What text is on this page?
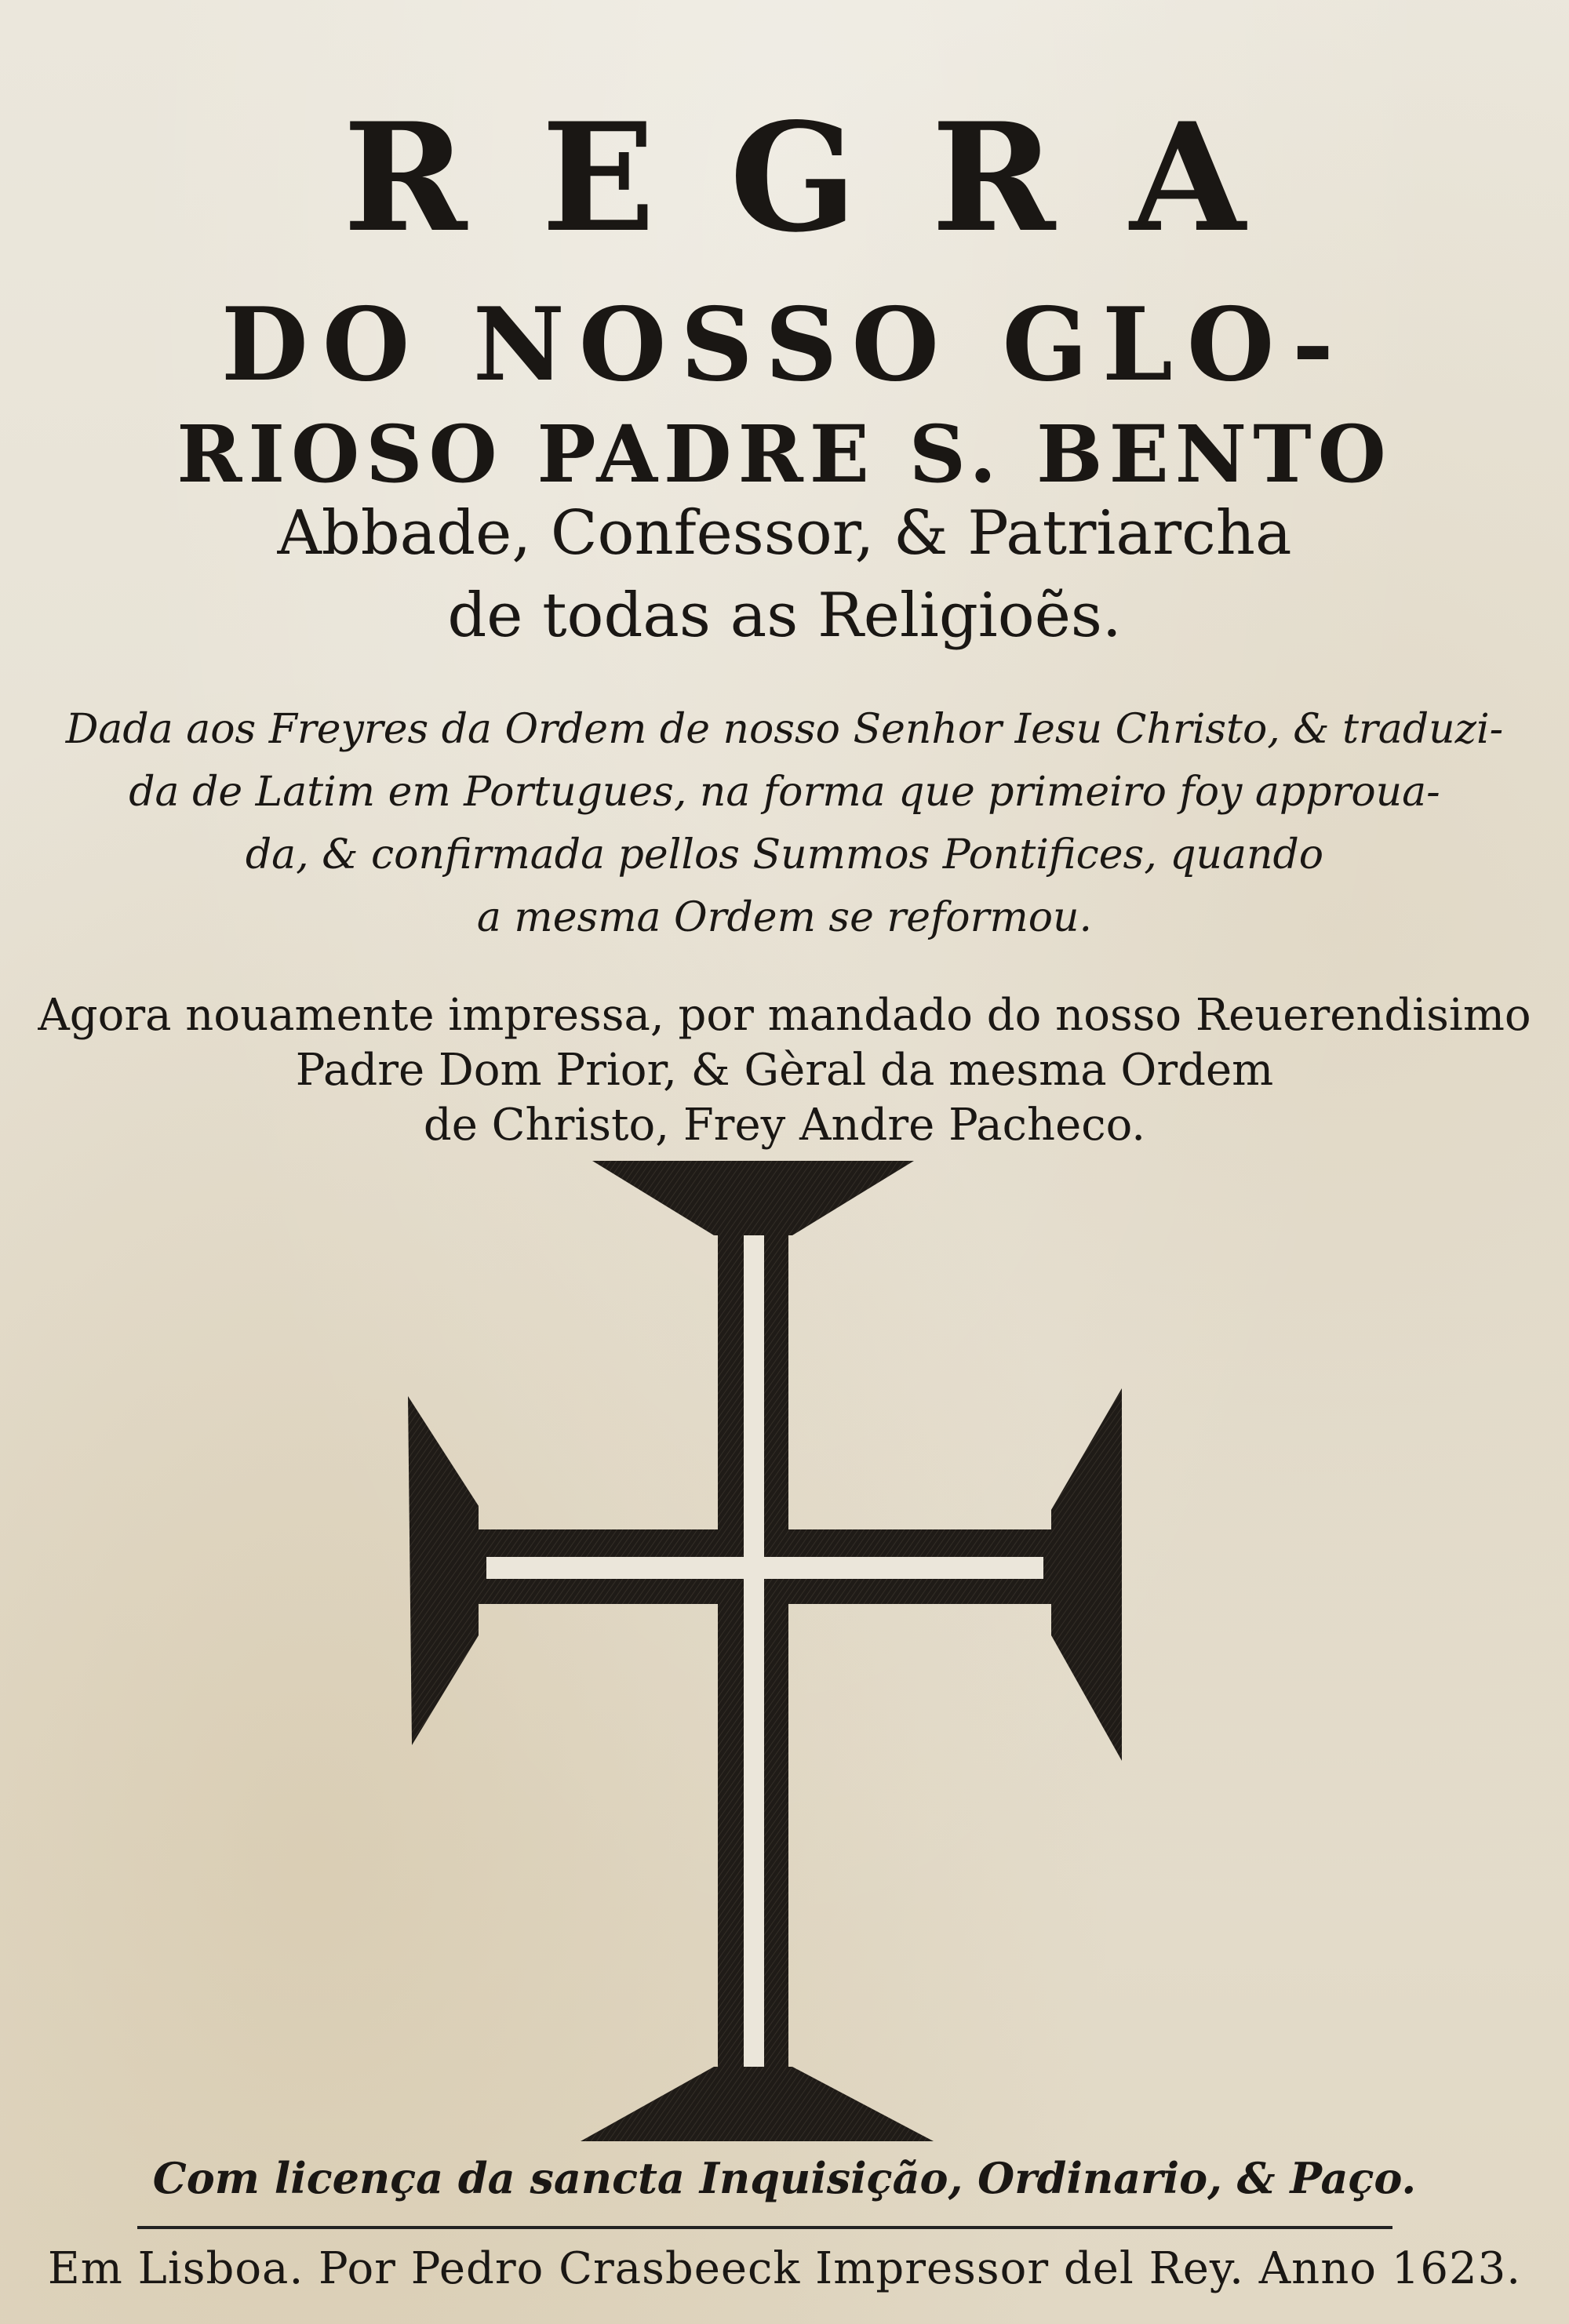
REGRA
DO NOSSO GLO-
RIOSO PADRE S. BENTO
Abbade, Confessor, & Patriarcha
de todas as Religioẽs.
Dada aos Freyres da Ordem de nosso Senhor Iesu Christo, & traduzi-
da de Latim em Portugues, na forma que primeiro foy approua-
da, & confirmada pellos Summos Pontifices, quando
a mesma Ordem se reformou.
Agora nouamente impressa, por mandado do nosso Reuerendisimo
Padre Dom Prior, & Gèral da mesma Ordem
de Christo, Frey Andre Pacheco.
Com licença da sancta Inquisição, Ordinario, & Paço.
Em Lisboa. Por Pedro Crasbeeck Impressor del Rey. Anno 1623.
